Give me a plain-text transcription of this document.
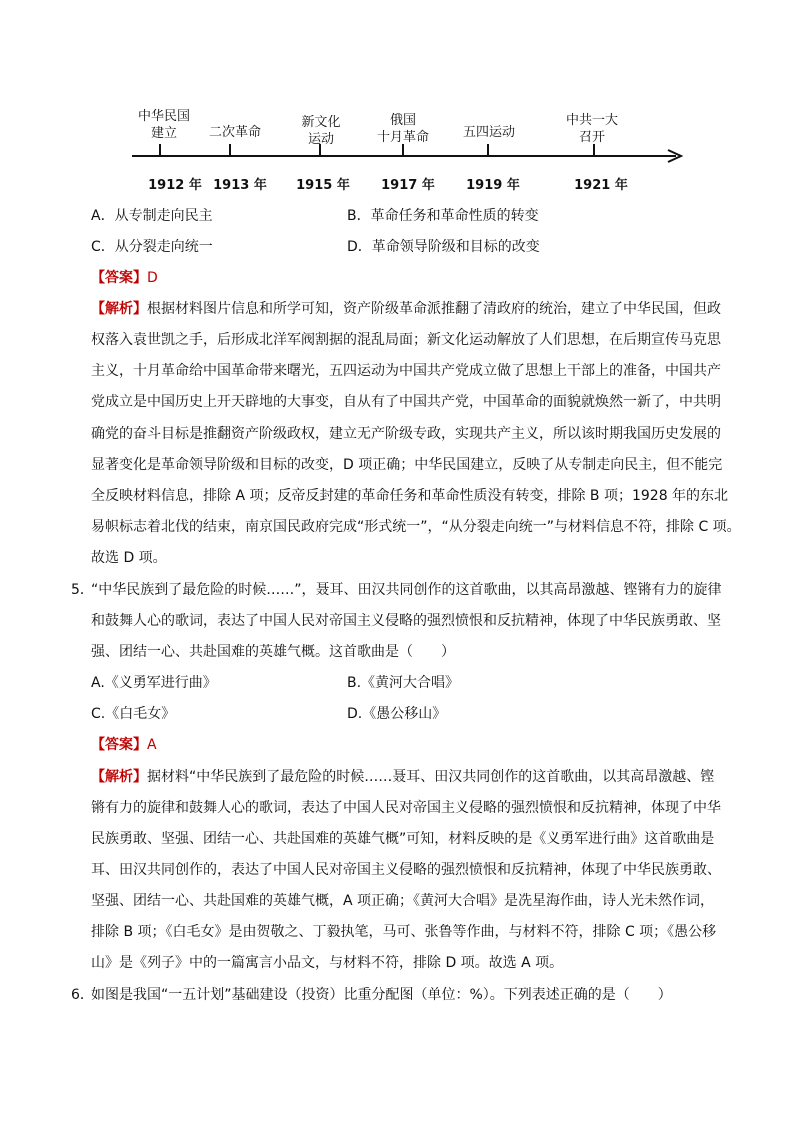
中华民国
建立	二次革命
新文化
运动
俄国
十月革命	五四运动
中共一大
召开
1912 年 1913 年	1915 年	1917 年	1919 年	1921 年
A．从专制走向民主	B．革命任务和革命性质的转变
C．从分裂走向统一	D．革命领导阶级和目标的改变
【答案】D
【解析】根据材料图片信息和所学可知，资产阶级革命派推翻了清政府的统治，建立了中华民国，但政
权落入袁世凯之手，后形成北洋军阀割据的混乱局面；新文化运动解放了人们思想，在后期宣传马克思
主义，十月革命给中国革命带来曙光，五四运动为中国共产党成立做了思想上干部上的准备，中国共产
党成立是中国历史上开天辟地的大事变，自从有了中国共产党，中国革命的面貌就焕然一新了，中共明
确党的奋斗目标是推翻资产阶级政权，建立无产阶级专政，实现共产主义，所以该时期我国历史发展的
显著变化是革命领导阶级和目标的改变，D 项正确；中华民国建立，反映了从专制走向民主，但不能完
全反映材料信息，排除 A 项；反帝反封建的革命任务和革命性质没有转变，排除 B 项；1928 年的东北
易帜标志着北伐的结束，南京国民政府完成“形式统一”，“从分裂走向统一”与材料信息不符，排除 C 项。
故选 D 项。
5．
“中华民族到了最危险的时候……”，聂耳、田汉共同创作的这首歌曲，以其高昂激越、铿锵有力的旋律
和鼓舞人心的歌词，表达了中国人民对帝国主义侵略的强烈愤恨和反抗精神，体现了中华民族勇敢、坚
强、团结一心、共赴国难的英雄气概。这首歌曲是（　　）
A.《义勇军进行曲》	B.《黄河大合唱》
C.《白毛女》	D.《愚公移山》
【答案】A
【解析】据材料“中华民族到了最危险的时候……聂耳、田汉共同创作的这首歌曲，以其高昂激越、铿
锵有力的旋律和鼓舞人心的歌词，表达了中国人民对帝国主义侵略的强烈愤恨和反抗精神，体现了中华
民族勇敢、坚强、团结一心、共赴国难的英雄气概”可知，材料反映的是《义勇军进行曲》这首歌曲是
耳、田汉共同创作的，表达了中国人民对帝国主义侵略的强烈愤恨和反抗精神，体现了中华民族勇敢、
坚强、团结一心、共赴国难的英雄气概，A 项正确；《黄河大合唱》是冼星海作曲，诗人光未然作词，
排除 B 项；《白毛女》是由贺敬之、丁毅执笔，马可、张鲁等作曲，与材料不符，排除 C 项；《愚公移
山》是《列子》中的一篇寓言小品文，与材料不符，排除 D 项。故选 A 项。
6．
如图是我国“一五计划”基础建设（投资）比重分配图（单位：%）。下列表述正确的是（　　）
